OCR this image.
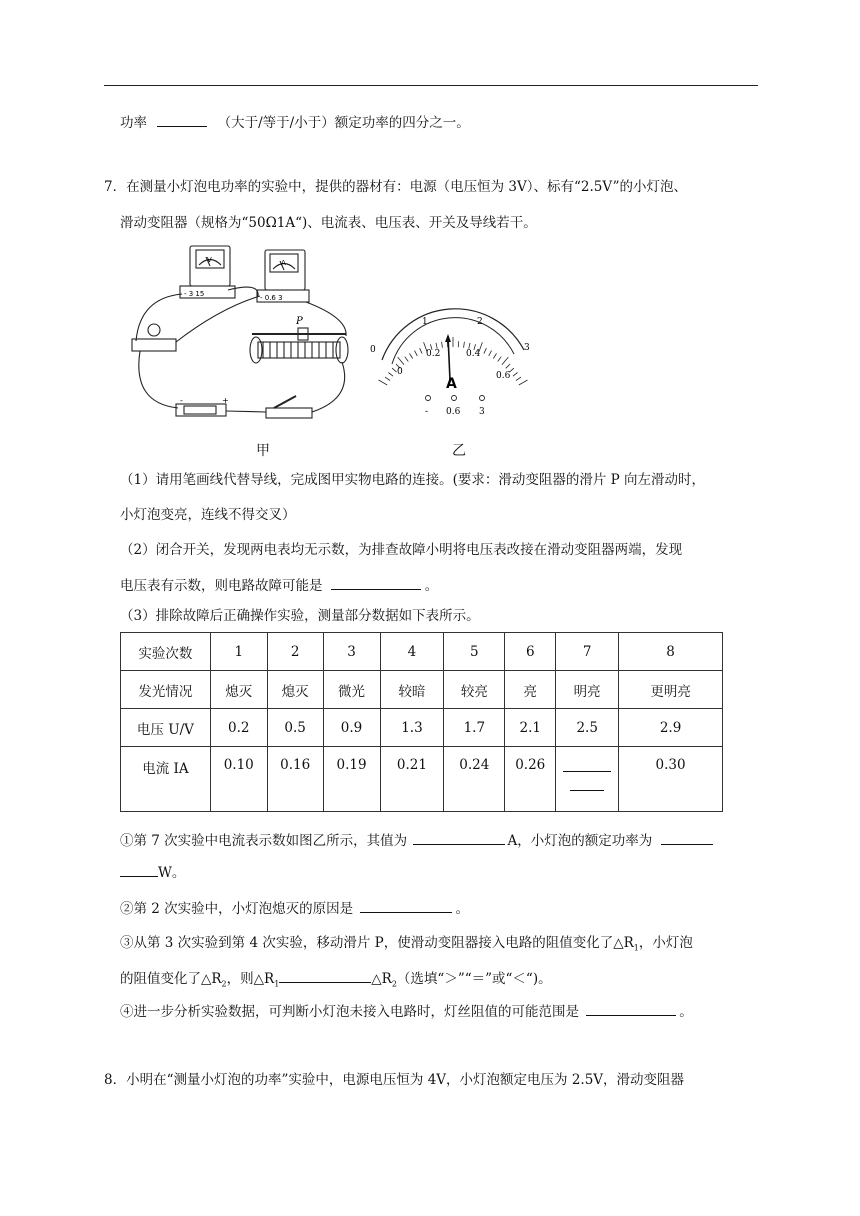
功率	（大于/等于/小于）额定功率的四分之一。
7．在测量小灯泡电功率的实验中，提供的器材有：电源（电压恒为 3V）、标有“2.5V”的小灯泡、
滑动变阻器（规格为“50Ω1A“)、电流表、电压表、开关及导线若干。
V	A
- 3 15	- 0.6 3
P
-	+
0
1	2
3
0
0.2	0.4
0.6
A
- 0.6 3
甲	乙
（1）请用笔画线代替导线，完成图甲实物电路的连接。(要求：滑动变阻器的滑片 P 向左滑动时，
小灯泡变亮，连线不得交叉）
（2）闭合开关，发现两电表均无示数，为排查故障小明将电压表改接在滑动变阻器两端，发现
电压表有示数，则电路故障可能是	。
（3）排除故障后正确操作实验，测量部分数据如下表所示。
实验次数	1	2	3	4	5	6	7	8
发光情况	熄灭	熄灭	微光	较暗	较亮	亮	明亮	更明亮
电压 U/V	0.2	0.5	0.9	1.3	1.7	2.1	2.5	2.9
电流 IA	0.10	0.16	0.19	0.21	0.24	0.26		0.30
①第 7 次实验中电流表示数如图乙所示，其值为	A，小灯泡的额定功率为
W。
②第 2 次实验中，小灯泡熄灭的原因是	。
③从第 3 次实验到第 4 次实验，移动滑片 P，使滑动变阻器接入电路的阻值变化了$\triangle R_1$，小灯泡
的阻值变化了$\triangle R_2$，则$\triangle R_1$	$\triangle R_2$（选填“＞”“＝”或“＜“)。
④进一步分析实验数据，可判断小灯泡未接入电路时，灯丝阻值的可能范围是	。
8．小明在“测量小灯泡的功率”实验中，电源电压恒为 4V，小灯泡额定电压为 2.5V，滑动变阻器
